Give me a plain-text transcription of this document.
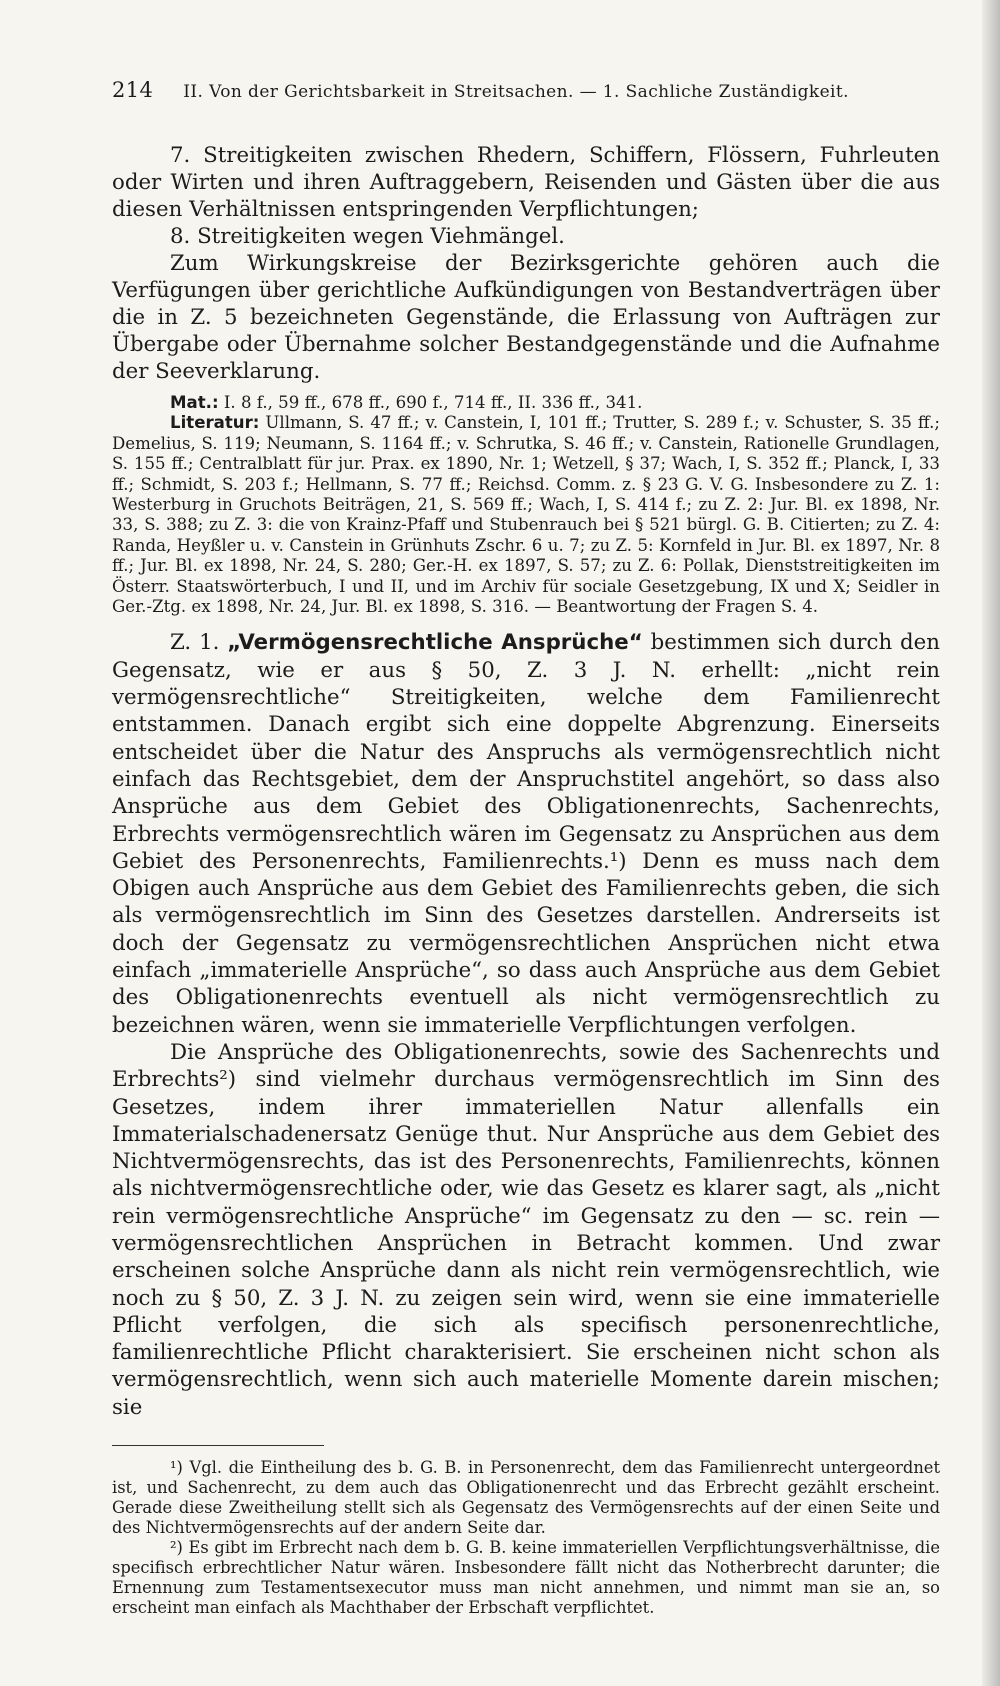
214 II. Von der Gerichtsbarkeit in Streitsachen. — 1. Sachliche Zuständigkeit.

7. Streitigkeiten zwischen Rhedern, Schiffern, Flössern, Fuhrleuten oder Wirten und ihren Auftraggebern, Reisenden und Gästen über die aus diesen Verhältnissen entspringenden Verpflichtungen;

8. Streitigkeiten wegen Viehmängel.

Zum Wirkungskreise der Bezirksgerichte gehören auch die Verfügungen über gerichtliche Aufkündigungen von Bestandverträgen über die in Z. 5 bezeichneten Gegenstände, die Erlassung von Aufträgen zur Übergabe oder Übernahme solcher Bestandgegenstände und die Aufnahme der Seeverklarung.

Mat.: I. 8 f., 59 ff., 678 ff., 690 f., 714 ff., II. 336 ff., 341.

Literatur: Ullmann, S. 47 ff.; v. Canstein, I, 101 ff.; Trutter, S. 289 f.; v. Schuster, S. 35 ff.; Demelius, S. 119; Neumann, S. 1164 ff.; v. Schrutka, S. 46 ff.; v. Canstein, Rationelle Grundlagen, S. 155 ff.; Centralblatt für jur. Prax. ex 1890, Nr. 1; Wetzell, § 37; Wach, I, S. 352 ff.; Planck, I, 33 ff.; Schmidt, S. 203 f.; Hellmann, S. 77 ff.; Reichsd. Comm. z. § 23 G. V. G. Insbesondere zu Z. 1: Westerburg in Gruchots Beiträgen, 21, S. 569 ff.; Wach, I, S. 414 f.; zu Z. 2: Jur. Bl. ex 1898, Nr. 33, S. 388; zu Z. 3: die von Krainz-Pfaff und Stubenrauch bei § 521 bürgl. G. B. Citierten; zu Z. 4: Randa, Heyßler u. v. Canstein in Grünhuts Zschr. 6 u. 7; zu Z. 5: Kornfeld in Jur. Bl. ex 1897, Nr. 8 ff.; Jur. Bl. ex 1898, Nr. 24, S. 280; Ger.-H. ex 1897, S. 57; zu Z. 6: Pollak, Dienststreitigkeiten im Österr. Staatswörterbuch, I und II, und im Archiv für sociale Gesetzgebung, IX und X; Seidler in Ger.-Ztg. ex 1898, Nr. 24, Jur. Bl. ex 1898, S. 316. — Beantwortung der Fragen S. 4.

Z. 1. „Vermögensrechtliche Ansprüche“ bestimmen sich durch den Gegensatz, wie er aus § 50, Z. 3 J. N. erhellt: „nicht rein vermögensrechtliche“ Streitigkeiten, welche dem Familienrecht entstammen. Danach ergibt sich eine doppelte Abgrenzung. Einerseits entscheidet über die Natur des Anspruchs als vermögensrechtlich nicht einfach das Rechtsgebiet, dem der Anspruchstitel angehört, so dass also Ansprüche aus dem Gebiet des Obligationenrechts, Sachenrechts, Erbrechts vermögensrechtlich wären im Gegensatz zu Ansprüchen aus dem Gebiet des Personenrechts, Familienrechts.¹) Denn es muss nach dem Obigen auch Ansprüche aus dem Gebiet des Familienrechts geben, die sich als vermögensrechtlich im Sinn des Gesetzes darstellen. Andrerseits ist doch der Gegensatz zu vermögensrechtlichen Ansprüchen nicht etwa einfach „immaterielle Ansprüche“, so dass auch Ansprüche aus dem Gebiet des Obligationenrechts eventuell als nicht vermögensrechtlich zu bezeichnen wären, wenn sie immaterielle Verpflichtungen verfolgen.

Die Ansprüche des Obligationenrechts, sowie des Sachenrechts und Erbrechts²) sind vielmehr durchaus vermögensrechtlich im Sinn des Gesetzes, indem ihrer immateriellen Natur allenfalls ein Immaterialschadenersatz Genüge thut. Nur Ansprüche aus dem Gebiet des Nichtvermögensrechts, das ist des Personenrechts, Familienrechts, können als nichtvermögensrechtliche oder, wie das Gesetz es klarer sagt, als „nicht rein vermögensrechtliche Ansprüche“ im Gegensatz zu den — sc. rein — vermögensrechtlichen Ansprüchen in Betracht kommen. Und zwar erscheinen solche Ansprüche dann als nicht rein vermögensrechtlich, wie noch zu § 50, Z. 3 J. N. zu zeigen sein wird, wenn sie eine immaterielle Pflicht verfolgen, die sich als specifisch personenrechtliche, familienrechtliche Pflicht charakterisiert. Sie erscheinen nicht schon als vermögensrechtlich, wenn sich auch materielle Momente darein mischen; sie

¹) Vgl. die Eintheilung des b. G. B. in Personenrecht, dem das Familienrecht untergeordnet ist, und Sachenrecht, zu dem auch das Obligationenrecht und das Erbrecht gezählt erscheint. Gerade diese Zweitheilung stellt sich als Gegensatz des Vermögensrechts auf der einen Seite und des Nichtvermögensrechts auf der andern Seite dar.

²) Es gibt im Erbrecht nach dem b. G. B. keine immateriellen Verpflichtungsverhältnisse, die specifisch erbrechtlicher Natur wären. Insbesondere fällt nicht das Notherbrecht darunter; die Ernennung zum Testamentsexecutor muss man nicht annehmen, und nimmt man sie an, so erscheint man einfach als Machthaber der Erbschaft verpflichtet.
